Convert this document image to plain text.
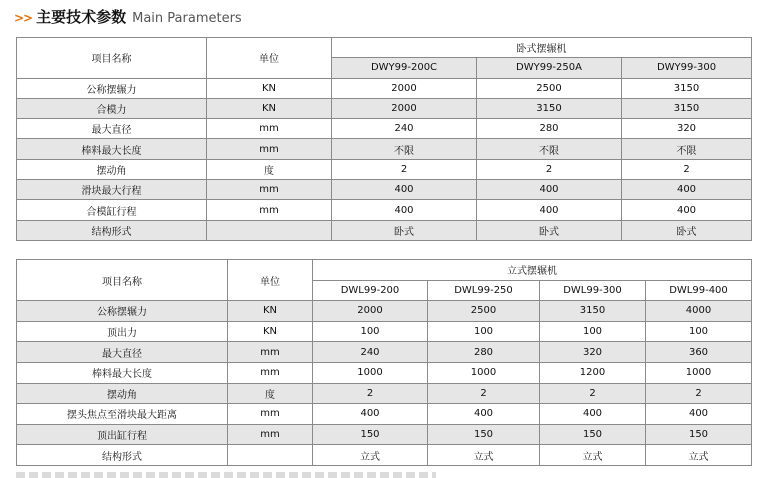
>> 主要技术参数 Main Parameters
项目名称	单位	卧式摆辗机		
		DWY99-200C	DWY99-250A	DWY99-300
公称摆辗力	KN	2000	2500	3150
合模力	KN	2000	3150	3150
最大直径	mm	240	280	320
棒料最大长度	mm	不限	不限	不限
摆动角	度	2	2	2
滑块最大行程	mm	400	400	400
合模缸行程	mm	400	400	400
结构形式		卧式	卧式	卧式
项目名称	单位	立式摆辗机			
		DWL99-200	DWL99-250	DWL99-300	DWL99-400
公称摆辗力	KN	2000	2500	3150	4000
顶出力	KN	100	100	100	100
最大直径	mm	240	280	320	360
棒料最大长度	mm	1000	1000	1200	1000
摆动角	度	2	2	2	2
摆头焦点至滑块最大距离	mm	400	400	400	400
顶出缸行程	mm	150	150	150	150
结构形式		立式	立式	立式	立式
